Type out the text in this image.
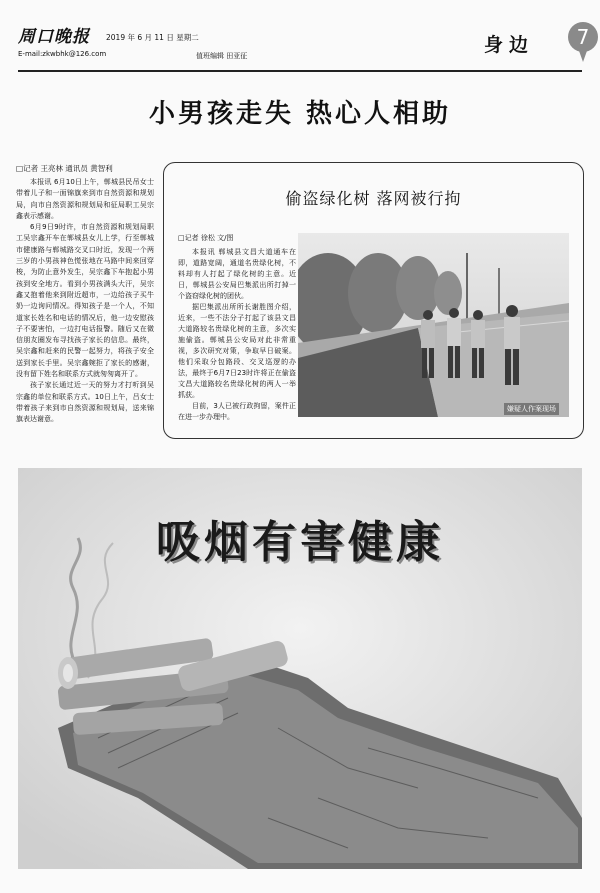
周口晚报
E-mail:zkwbhk@126.com
2019 年 6 月 11 日 星期二
值班编辑 田亚征	身边	7
小男孩走失 热心人相助
□记者 王亮林 通讯员 黄智利

本报讯 6月10日上午，郸城县民吊女士带着儿子和一面锦旗来到市自然资源和规划局，向市自然资源和规划局和征局职工吴宗鑫表示感谢。

6月9日9时许，市自然资源和规划局职工吴宗鑫开车在郸城县女儿上学，行至郸城市健康路与郸城路交叉口时近，发现一个两三岁的小男孩神色慌张地在马路中间来回穿梭，为防止意外发生，吴宗鑫下车抱起小男孩到安全地方。看到小男孩满头大汗，吴宗鑫又抱着他来到附近超市，一边给孩子买牛奶一边询问情况。得知孩子是一个人，不知道家长姓名和电话的情况后，他一边安慰孩子不要害怕，一边打电话报警。随后又在微信朋友圈发布寻找孩子家长的信息。最终，吴宗鑫和赶来的民警一起努力，将孩子安全送到家长手里。吴宗鑫婉拒了家长的感谢，没有留下姓名和联系方式就匆匆离开了。

孩子家长通过近一天的努力才打听到吴宗鑫的单位和联系方式。10日上午，吕女士带着孩子来到市自然资源和规划局，送来锦旗表达谢意。

偷盗绿化树 落网被行拘
□记者 徐松 文/图

本报讯 郸城县文昌大道通车在即，道路宽阔，通道名贵绿化树，不料却有人打起了绿化树的主意。近日，郸城县公安局巴集派出所打掉一个盗窃绿化树的团伙。

据巴集派出所所长谢胜图介绍，近来，一些不法分子打起了该县文昌大道路较名贵绿化树的主意，多次实施偷盗。郸城县公安局对此非常重视，多次研究对策，争取早日破案。他们采取分包路段、交叉巡逻的办法，最终于6月7日23时许将正在偷盗文昌大道路较名贵绿化树的两人一举抓获。

目前，3人已被行政拘留，案件正在进一步办理中。

嫌疑人作案现场
吸烟有害健康
